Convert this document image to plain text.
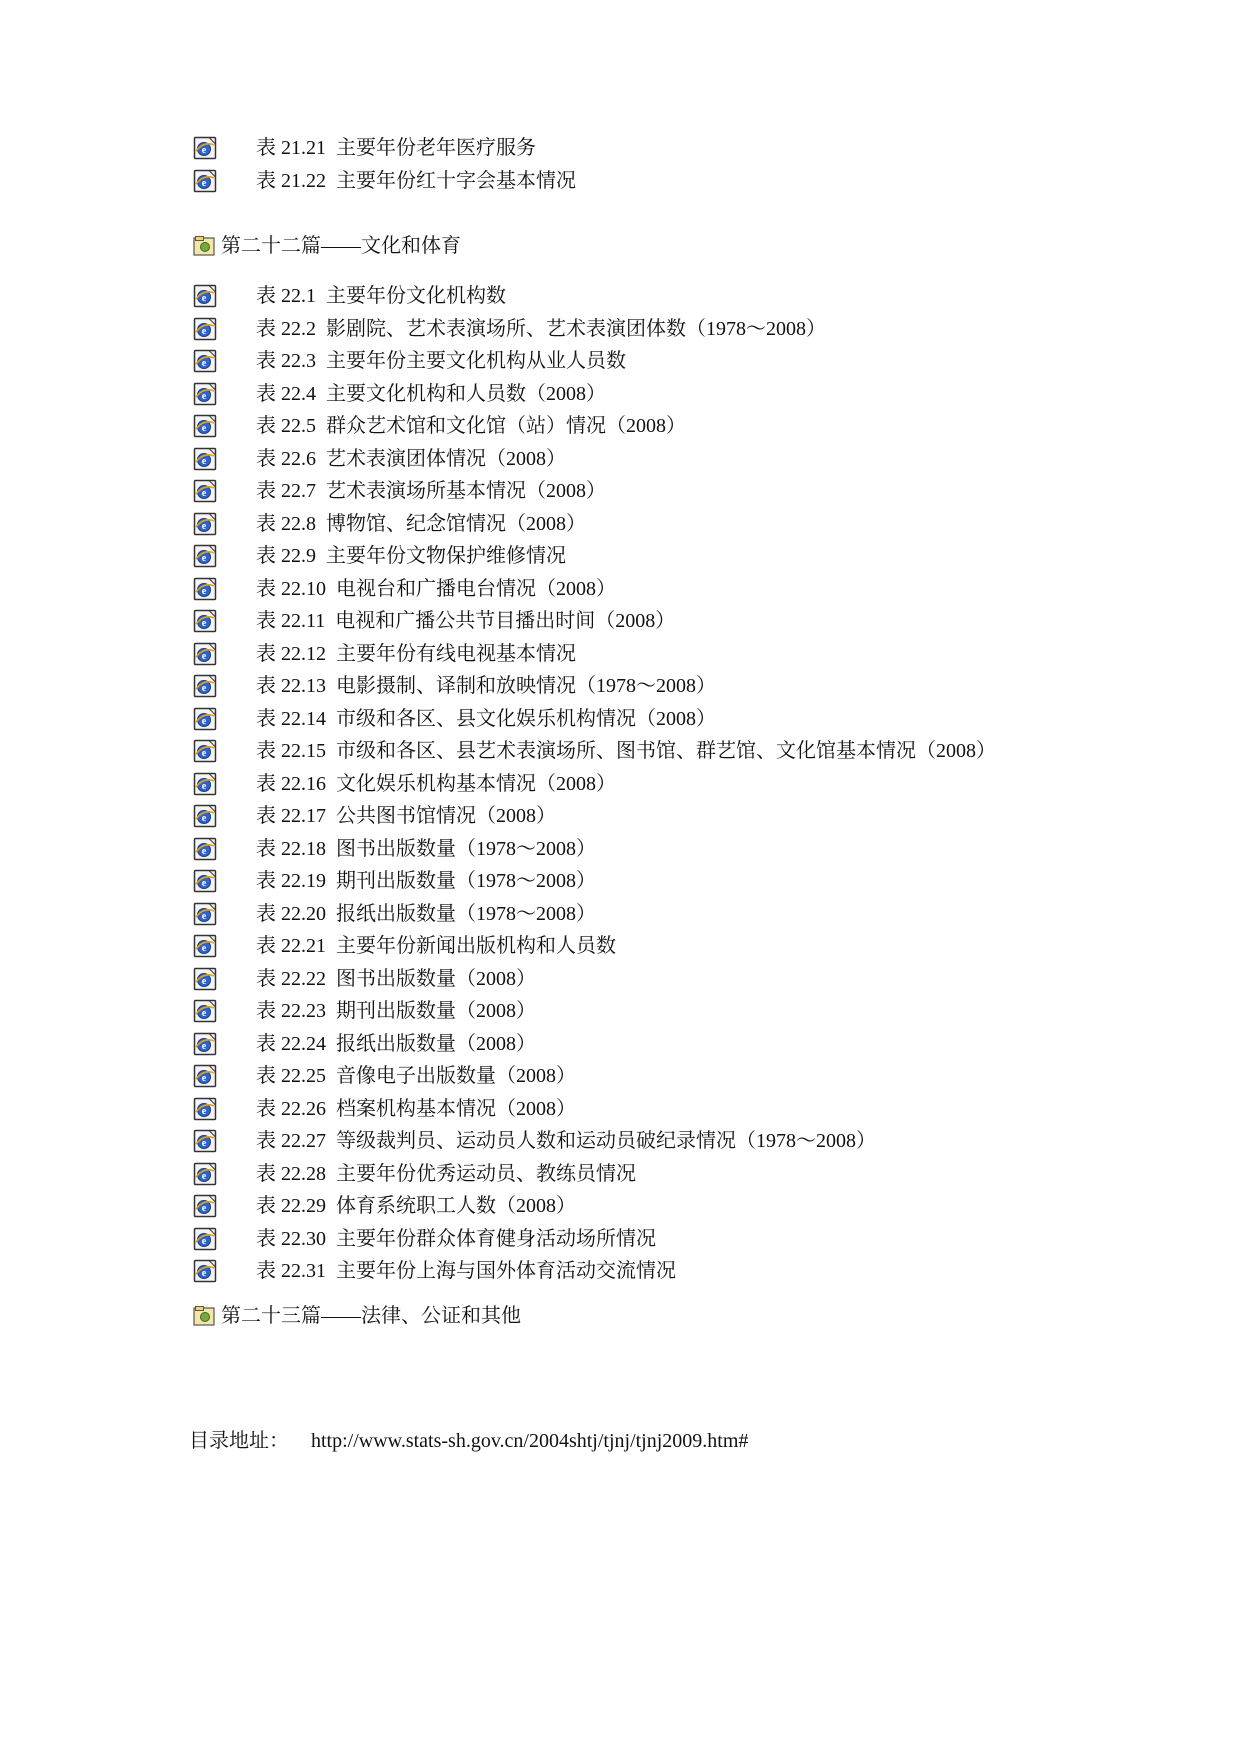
e 表 21.21 主要年份老年医疗服务
e 表 21.22 主要年份红十字会基本情况
第二十二篇——文化和体育
e 表 22.1 主要年份文化机构数
e 表 22.2 影剧院、艺术表演场所、艺术表演团体数（1978～2008）
e 表 22.3 主要年份主要文化机构从业人员数
e 表 22.4 主要文化机构和人员数（2008）
e 表 22.5 群众艺术馆和文化馆（站）情况（2008）
e 表 22.6 艺术表演团体情况（2008）
e 表 22.7 艺术表演场所基本情况（2008）
e 表 22.8 博物馆、纪念馆情况（2008）
e 表 22.9 主要年份文物保护维修情况
e 表 22.10 电视台和广播电台情况（2008）
e 表 22.11 电视和广播公共节目播出时间（2008）
e 表 22.12 主要年份有线电视基本情况
e 表 22.13 电影摄制、译制和放映情况（1978～2008）
e 表 22.14 市级和各区、县文化娱乐机构情况（2008）
e 表 22.15 市级和各区、县艺术表演场所、图书馆、群艺馆、文化馆基本情况（2008）
e 表 22.16 文化娱乐机构基本情况（2008）
e 表 22.17 公共图书馆情况（2008）
e 表 22.18 图书出版数量（1978～2008）
e 表 22.19 期刊出版数量（1978～2008）
e 表 22.20 报纸出版数量（1978～2008）
e 表 22.21 主要年份新闻出版机构和人员数
e 表 22.22 图书出版数量（2008）
e 表 22.23 期刊出版数量（2008）
e 表 22.24 报纸出版数量（2008）
e 表 22.25 音像电子出版数量（2008）
e 表 22.26 档案机构基本情况（2008）
e 表 22.27 等级裁判员、运动员人数和运动员破纪录情况（1978～2008）
e 表 22.28 主要年份优秀运动员、教练员情况
e 表 22.29 体育系统职工人数（2008）
e 表 22.30 主要年份群众体育健身活动场所情况
e 表 22.31 主要年份上海与国外体育活动交流情况
第二十三篇——法律、公证和其他
目录地址： http://www.stats-sh.gov.cn/2004shtj/tjnj/tjnj2009.htm#
